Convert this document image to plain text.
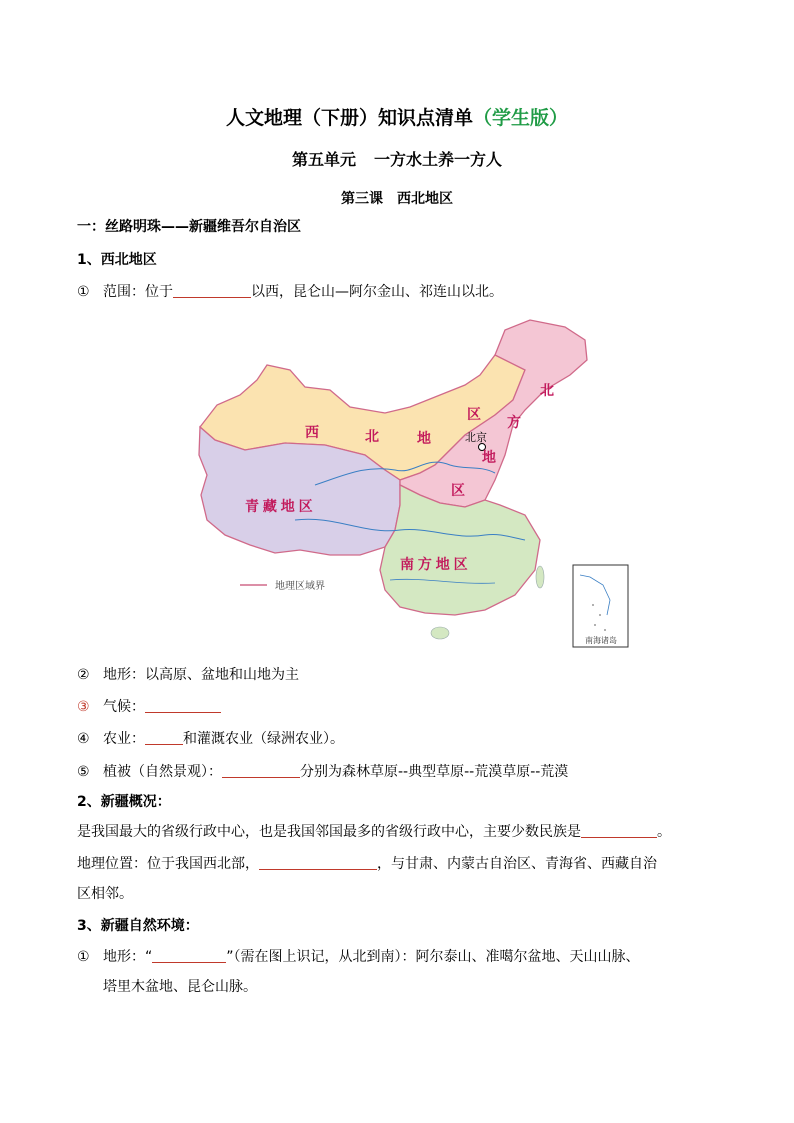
人文地理（下册）知识点清单（学生版）
第五单元 一方水土养一方人
第三课 西北地区
一：丝路明珠——新疆维吾尔自治区
1、西北地区
① 范围：位于	以西，昆仑山—阿尔金山、祁连山以北。
北京
西	北	地
区
青 藏 地 区
南 方 地 区
北
方
地
区
地理区域界
南海诸岛
② 地形：以高原、盆地和山地为主
③ 气候：
④ 农业：	和灌溉农业（绿洲农业）。
⑤ 植被（自然景观）：	分别为森林草原--典型草原--荒漠草原--荒漠
2、新疆概况：
是我国最大的省级行政中心，也是我国邻国最多的省级行政中心，主要少数民族是	。
地理位置：位于我国西北部，	，与甘肃、内蒙古自治区、青海省、西藏自治
区相邻。
3、新疆自然环境：
① 地形：“	”（需在图上识记，从北到南）：阿尔泰山、准噶尔盆地、天山山脉、
塔里木盆地、昆仑山脉。
